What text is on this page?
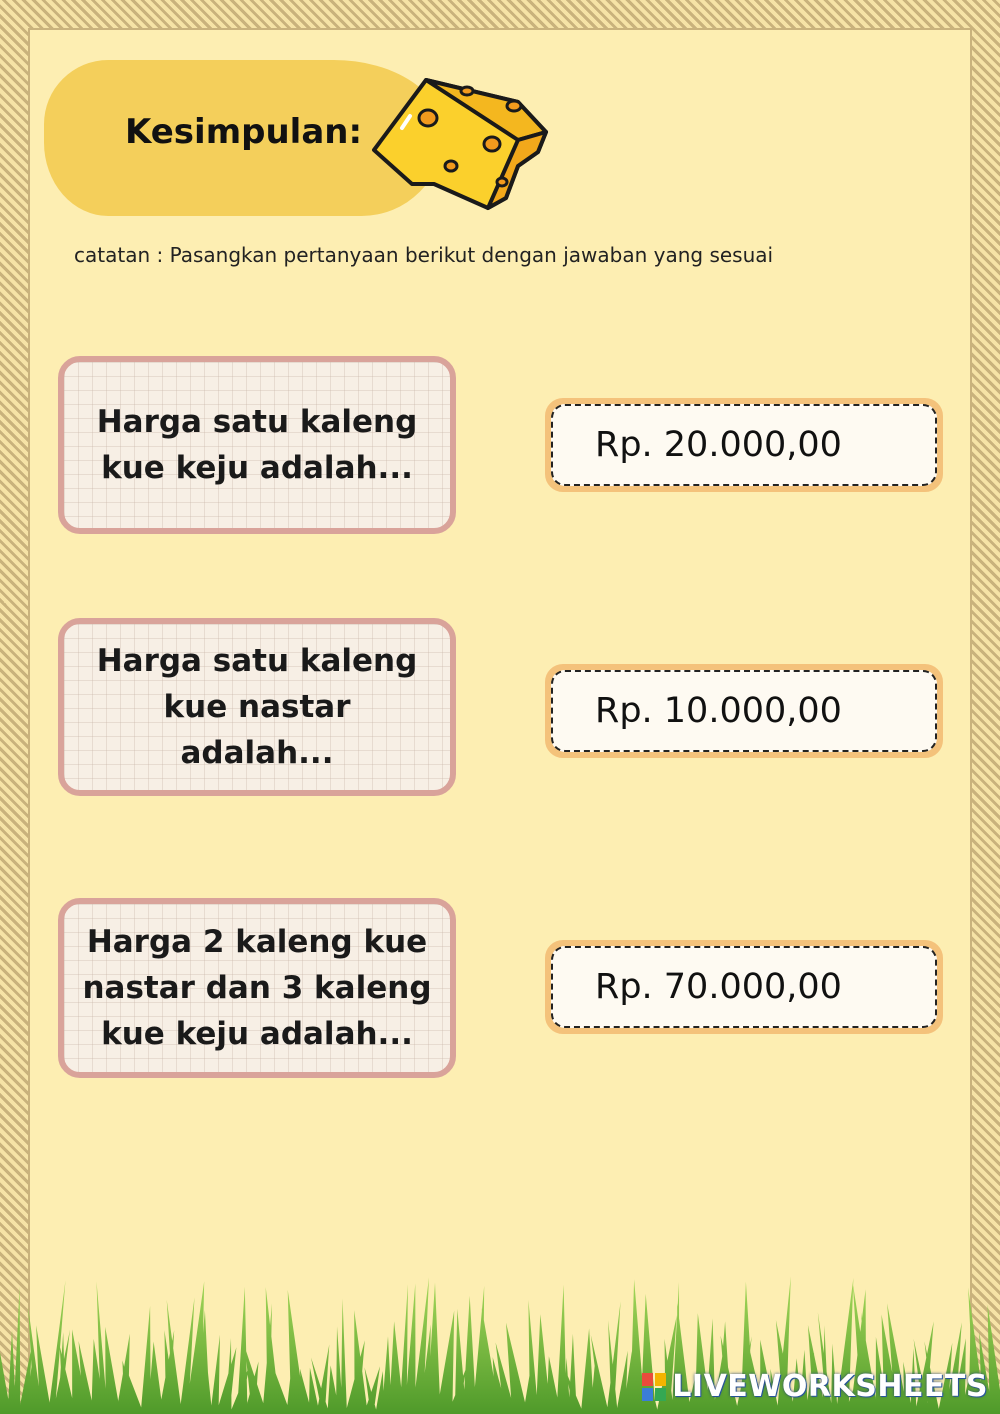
Kesimpulan:
catatan : Pasangkan pertanyaan berikut dengan jawaban yang sesuai
Harga satu kaleng kue keju adalah...
Harga satu kaleng kue nastar adalah...
Harga 2 kaleng kue nastar dan 3 kaleng kue keju adalah...
Rp. 20.000,00
Rp. 10.000,00
Rp. 70.000,00
LIVEWORKSHEETS
